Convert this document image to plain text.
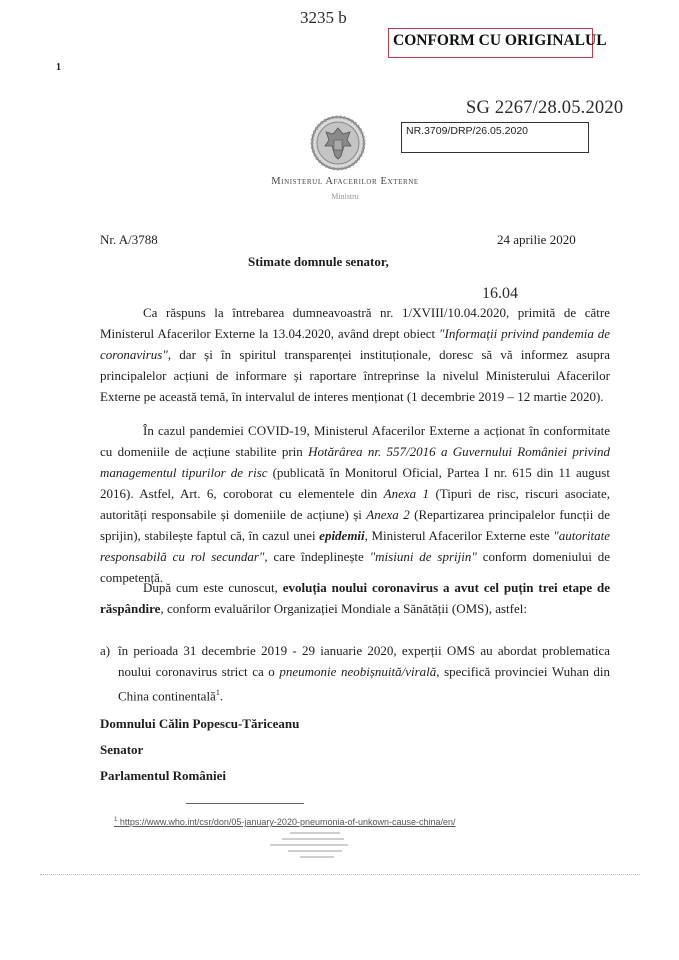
3235 b
CONFORM CU ORIGINALUL
1
SG 2267/28.05.2020
NR.3709/DRP/26.05.2020
Ministerul Afacerilor Externe
Ministru
Nr. A/3788	24 aprilie 2020
Stimate domnule senator,
16.04
Ca răspuns la întrebarea dumneavoastră nr. 1/XVIII/10.04.2020, primită de către Ministerul Afacerilor Externe la 13.04.2020, având drept obiect "Informații privind pandemia de coronavirus", dar și în spiritul transparenței instituționale, doresc să vă informez asupra principalelor acțiuni de informare și raportare întreprinse la nivelul Ministerului Afacerilor Externe pe această temă, în intervalul de interes menționat (1 decembrie 2019 – 12 martie 2020).
În cazul pandemiei COVID-19, Ministerul Afacerilor Externe a acționat în conformitate cu domeniile de acțiune stabilite prin Hotărârea nr. 557/2016 a Guvernului României privind managementul tipurilor de risc (publicată în Monitorul Oficial, Partea I nr. 615 din 11 august 2016). Astfel, Art. 6, coroborat cu elementele din Anexa 1 (Tipuri de risc, riscuri asociate, autorități responsabile și domeniile de acțiune) și Anexa 2 (Repartizarea principalelor funcții de sprijin), stabilește faptul că, în cazul unei epidemii, Ministerul Afacerilor Externe este "autoritate responsabilă cu rol secundar", care îndeplinește "misiuni de sprijin" conform domeniului de competență.
După cum este cunoscut, evoluția noului coronavirus a avut cel puțin trei etape de răspândire, conform evaluărilor Organizației Mondiale a Sănătății (OMS), astfel:
a) în perioada 31 decembrie 2019 - 29 ianuarie 2020, experții OMS au abordat problematica noului coronavirus strict ca o pneumonie neobișnuită/virală, specifică provinciei Wuhan din China continentală$^1$.
Domnului Călin Popescu-Tăriceanu
Senator
Parlamentul României
$^1$ https://www.who.int/csr/don/05-january-2020-pneumonia-of-unkown-cause-china/en/
